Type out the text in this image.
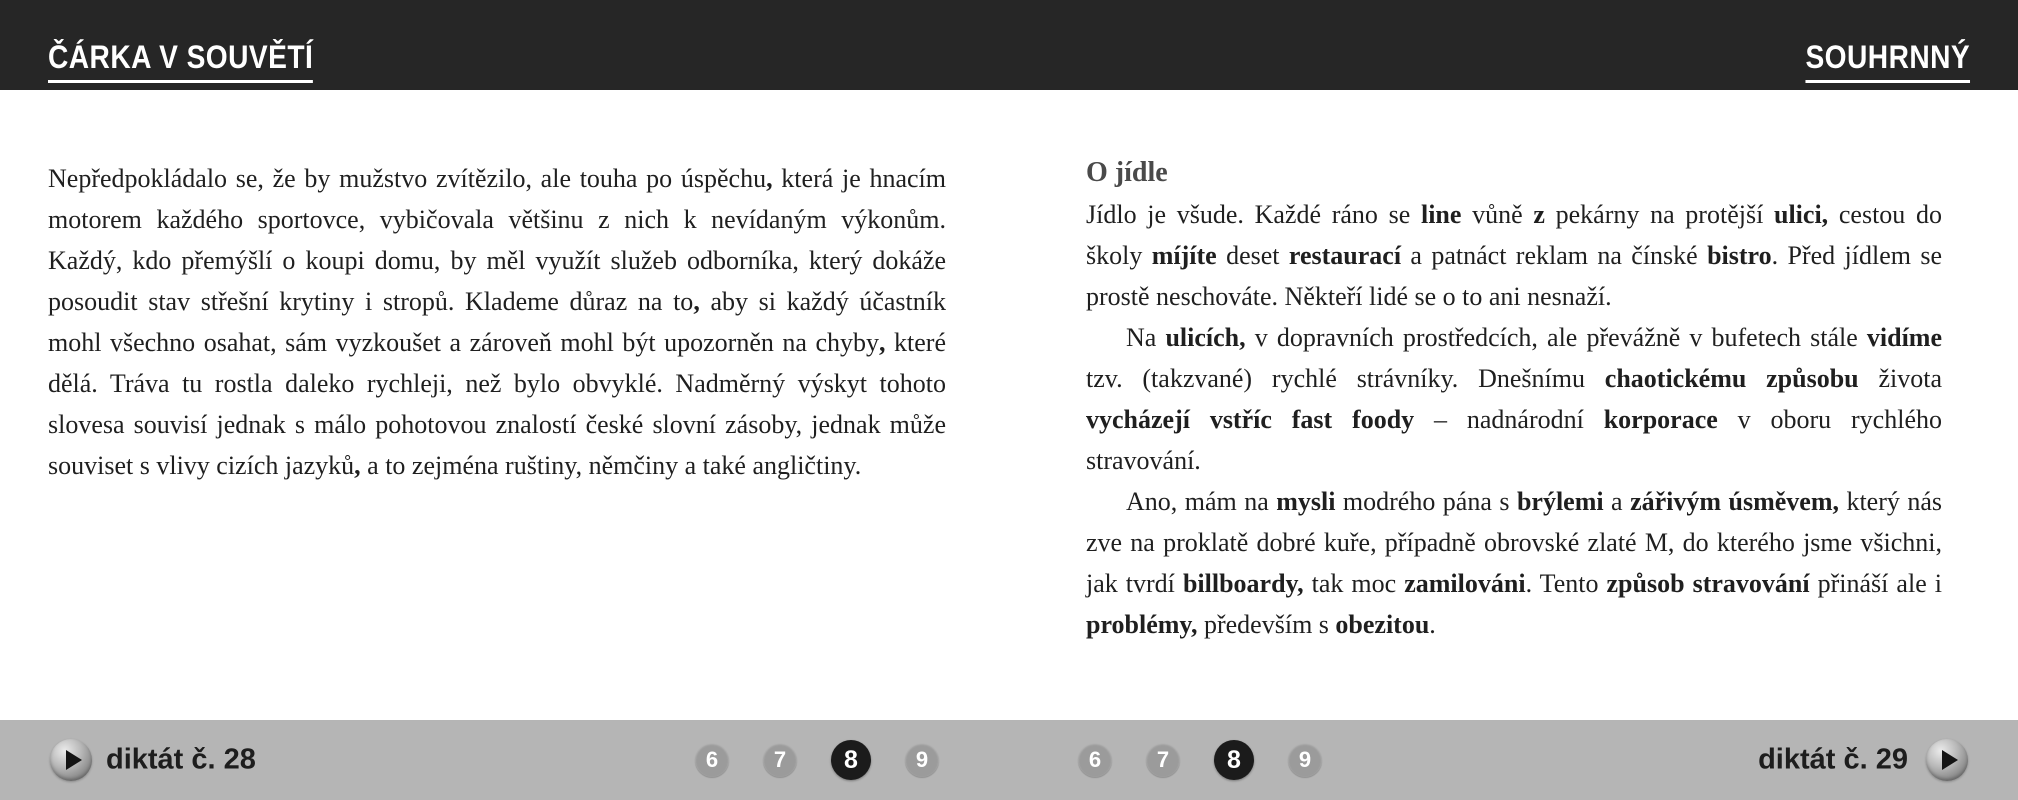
ČÁRKA V SOUVĚTÍ	SOUHRNNÝ

Nepředpokládalo se, že by mužstvo zvítězilo, ale touha po úspěchu, která je hnacím motorem každého sportovce, vybičovala většinu z nich k nevídaným výkonům. Každý, kdo přemýšlí o koupi domu, by měl využít služeb odborníka, který dokáže posoudit stav střešní krytiny i stropů. Klademe důraz na to, aby si každý účastník mohl všechno osahat, sám vyzkoušet a zároveň mohl být upozorněn na chyby, které dělá. Tráva tu rostla daleko rychleji, než bylo obvyklé. Nadměrný výskyt tohoto slovesa souvisí jednak s málo pohotovou znalostí české slovní zásoby, jednak může souviset s vlivy cizích jazyků, a to zejména ruštiny, němčiny a také angličtiny.

O jídle

Jídlo je všude. Každé ráno se line vůně z pekárny na protější ulici, cestou do školy míjíte deset restaurací a patnáct reklam na čínské bistro. Před jídlem se prostě neschováte. Někteří lidé se o to ani nesnaží.

Na ulicích, v dopravních prostředcích, ale převážně v bufetech stále vidíme tzv. (takzvané) rychlé strávníky. Dnešnímu chaotickému způsobu života vycházejí vstříc fast foody – nadnárodní korporace v oboru rychlého stravování.

Ano, mám na mysli modrého pána s brýlemi a zářivým úsměvem, který nás zve na proklatě dobré kuře, případně obrovské zlaté M, do kterého jsme všichni, jak tvrdí billboardy, tak moc zamilováni. Tento způsob stravování přináší ale i problémy, především s obezitou.

diktát č. 28	6	7	8	9	6	7	8	9	diktát č. 29
